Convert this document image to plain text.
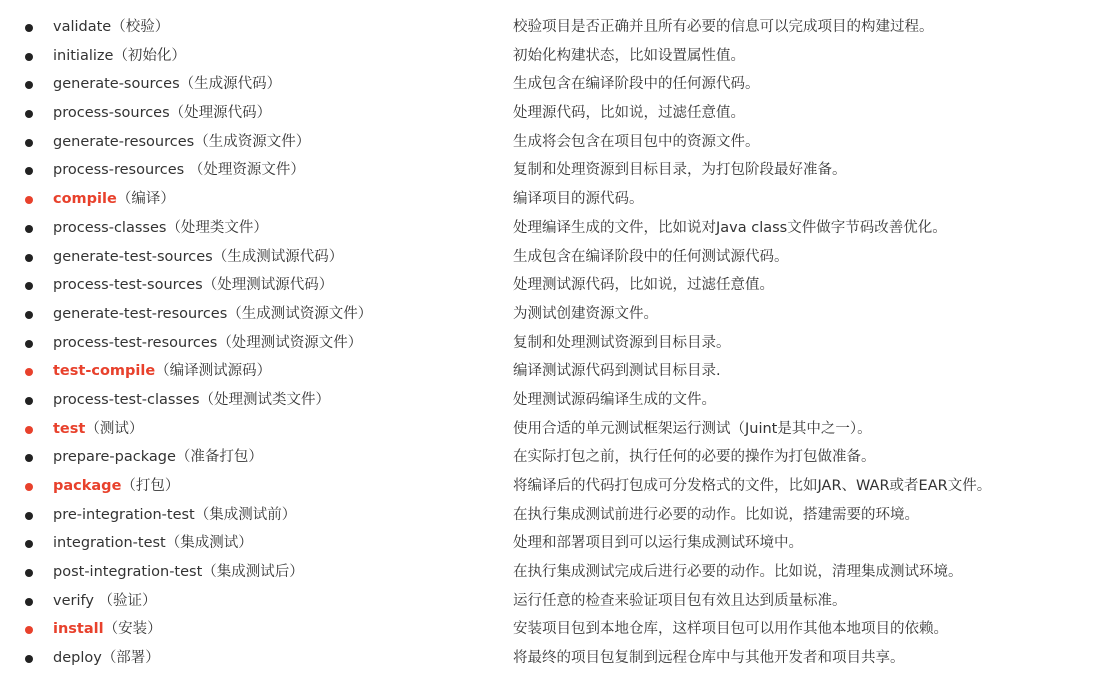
validate（校验）	校验项目是否正确并且所有必要的信息可以完成项目的构建过程。
initialize（初始化）	初始化构建状态，比如设置属性值。
generate-sources（生成源代码）	生成包含在编译阶段中的任何源代码。
process-sources（处理源代码）	处理源代码，比如说，过滤任意值。
generate-resources（生成资源文件）	生成将会包含在项目包中的资源文件。
process-resources （处理资源文件）	复制和处理资源到目标目录，为打包阶段最好准备。
compile（编译）	编译项目的源代码。
process-classes（处理类文件）	处理编译生成的文件，比如说对Java class文件做字节码改善优化。
generate-test-sources（生成测试源代码）	生成包含在编译阶段中的任何测试源代码。
process-test-sources（处理测试源代码）	处理测试源代码，比如说，过滤任意值。
generate-test-resources（生成测试资源文件）	为测试创建资源文件。
process-test-resources（处理测试资源文件）	复制和处理测试资源到目标目录。
test-compile（编译测试源码）	编译测试源代码到测试目标目录.
process-test-classes（处理测试类文件）	处理测试源码编译生成的文件。
test（测试）	使用合适的单元测试框架运行测试（Juint是其中之一）。
prepare-package（准备打包）	在实际打包之前，执行任何的必要的操作为打包做准备。
package（打包）	将编译后的代码打包成可分发格式的文件，比如JAR、WAR或者EAR文件。
pre-integration-test（集成测试前）	在执行集成测试前进行必要的动作。比如说，搭建需要的环境。
integration-test（集成测试）	处理和部署项目到可以运行集成测试环境中。
post-integration-test（集成测试后）	在执行集成测试完成后进行必要的动作。比如说，清理集成测试环境。
verify （验证）	运行任意的检查来验证项目包有效且达到质量标准。
install（安装）	安装项目包到本地仓库，这样项目包可以用作其他本地项目的依赖。
deploy（部署）	将最终的项目包复制到远程仓库中与其他开发者和项目共享。
